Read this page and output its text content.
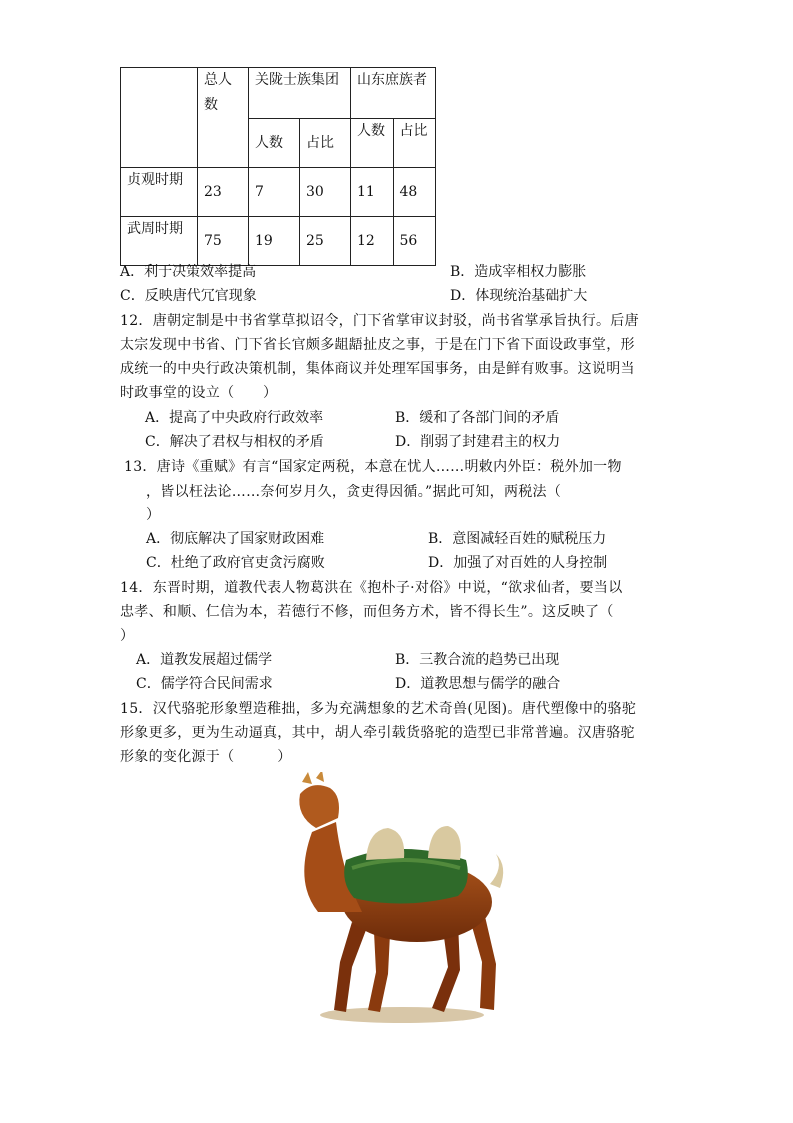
	总人数	关陇士族集团		山东庶族者	
		人数	占比	人数	占比
贞观时期	23	7	30	11	48
武周时期	75	19	25	12	56
A．利于决策效率提高	B．造成宰相权力膨胀
C．反映唐代冗官现象	D．体现统治基础扩大
12．唐朝定制是中书省掌草拟诏令，门下省掌审议封驳，尚书省掌承旨执行。后唐
太宗发现中书省、门下省长官颇多龃龉扯皮之事，于是在门下省下面设政事堂，形
成统一的中央行政决策机制，集体商议并处理军国事务，由是鲜有败事。这说明当
时政事堂的设立（　　）
A．提高了中央政府行政效率	B．缓和了各部门间的矛盾
C．解决了君权与相权的矛盾	D．削弱了封建君主的权力
13．唐诗《重赋》有言“国家定两税，本意在忧人……明敕内外臣：税外加一物
，皆以枉法论……奈何岁月久，贪吏得因循。”据此可知，两税法（
）
A．彻底解决了国家财政困难	B．意图减轻百姓的赋税压力
C．杜绝了政府官吏贪污腐败	D．加强了对百姓的人身控制
14．东晋时期，道教代表人物葛洪在《抱朴子·对俗》中说，“欲求仙者，要当以
忠孝、和顺、仁信为本，若德行不修，而但务方术，皆不得长生”。这反映了（
）
A．道教发展超过儒学	B．三教合流的趋势已出现
C．儒学符合民间需求	D．道教思想与儒学的融合
15．汉代骆驼形象塑造稚拙，多为充满想象的艺术奇兽(见图)。唐代塑像中的骆驼
形象更多，更为生动逼真，其中，胡人牵引载货骆驼的造型已非常普遍。汉唐骆驼
形象的变化源于（　　　）
